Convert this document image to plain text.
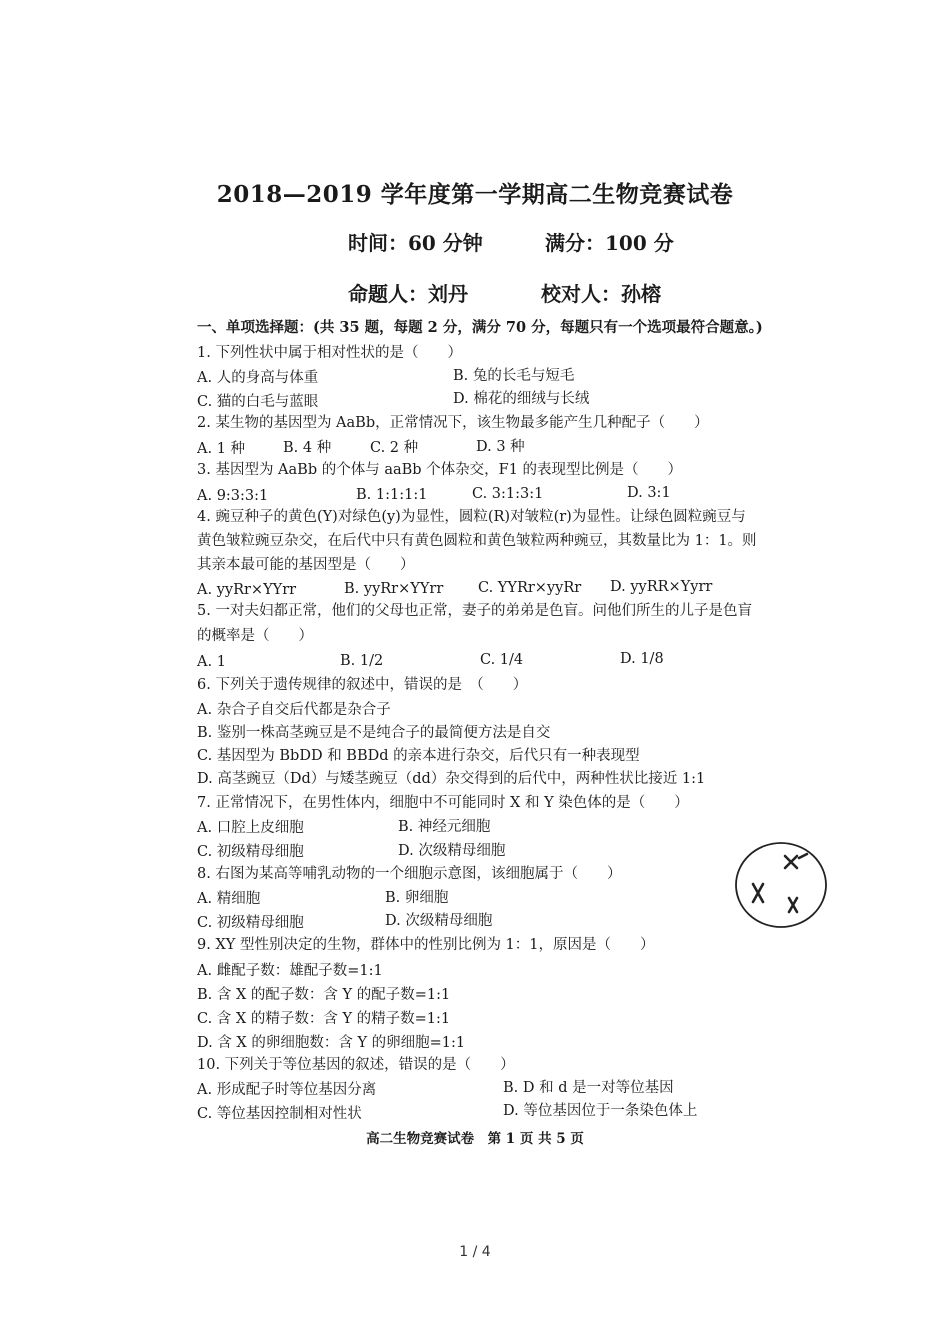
2018—2019 学年度第一学期高二生物竞赛试卷
时间：60 分钟	满分：100 分
命题人：刘丹	校对人：孙榕
一、单项选择题：(共 35 题，每题 2 分，满分 70 分，每题只有一个选项最符合题意。)
1. 下列性状中属于相对性状的是（　　）
A. 人的身高与体重	B. 兔的长毛与短毛
C. 猫的白毛与蓝眼	D. 棉花的细绒与长绒
2. 某生物的基因型为 AaBb，正常情况下，该生物最多能产生几种配子（　　）
A. 1 种	B. 4 种	C. 2 种	D. 3 种
3. 基因型为 AaBb 的个体与 aaBb 个体杂交，F1 的表现型比例是（　　）
A. 9:3:3:1	B. 1:1:1:1	C. 3:1:3:1	D. 3:1
4. 豌豆种子的黄色(Y)对绿色(y)为显性，圆粒(R)对皱粒(r)为显性。让绿色圆粒豌豆与
黄色皱粒豌豆杂交，在后代中只有黄色圆粒和黄色皱粒两种豌豆，其数量比为 1：1。则
其亲本最可能的基因型是（　　）
A. yyRr×YYrr	B. yyRr×YYrr C. YYRr×yyRr D. yyRR×Yyrr
5. 一对夫妇都正常，他们的父母也正常，妻子的弟弟是色盲。问他们所生的儿子是色盲
的概率是（　　）
A. 1	B. 1/2	C. 1/4	D. 1/8
6. 下列关于遗传规律的叙述中，错误的是　（　　）
A. 杂合子自交后代都是杂合子
B. 鉴别一株高茎豌豆是不是纯合子的最简便方法是自交
C. 基因型为 BbDD 和 BBDd 的亲本进行杂交，后代只有一种表现型
D. 高茎豌豆（Dd）与矮茎豌豆（dd）杂交得到的后代中，两种性状比接近 1:1
7. 正常情况下，在男性体内，细胞中不可能同时 X 和 Y 染色体的是（　　）
A. 口腔上皮细胞	B. 神经元细胞
C. 初级精母细胞	D. 次级精母细胞
8. 右图为某高等哺乳动物的一个细胞示意图，该细胞属于（　　）
A. 精细胞	B. 卵细胞
C. 初级精母细胞	D. 次级精母细胞
9. XY 型性别决定的生物，群体中的性别比例为 1：1，原因是（　　）
A. 雌配子数：雄配子数=1:1
B. 含 X 的配子数：含 Y 的配子数=1:1
C. 含 X 的精子数：含 Y 的精子数=1:1
D. 含 X 的卵细胞数：含 Y 的卵细胞=1:1
10. 下列关于等位基因的叙述，错误的是（　　）
A. 形成配子时等位基因分离	B. D 和 d 是一对等位基因
C. 等位基因控制相对性状	D. 等位基因位于一条染色体上
高二生物竞赛试卷　第 1 页 共 5 页
1 / 4
